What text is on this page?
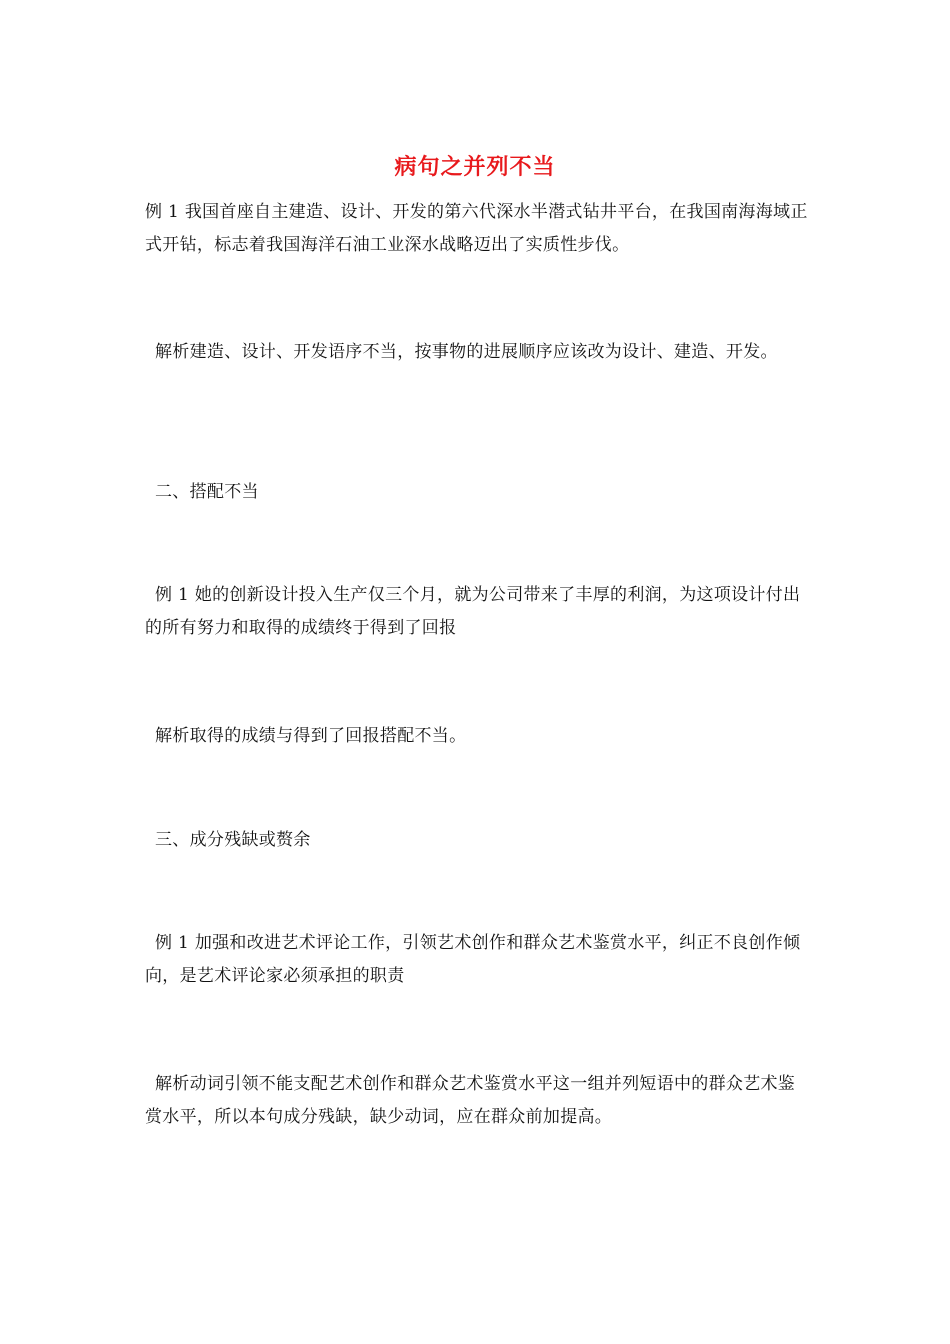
病句之并列不当

例 1 我国首座自主建造、设计、开发的第六代深水半潜式钻井平台，在我国南海海域正式开钻，标志着我国海洋石油工业深水战略迈出了实质性步伐。

解析建造、设计、开发语序不当，按事物的进展顺序应该改为设计、建造、开发。

二、搭配不当

例 1 她的创新设计投入生产仅三个月，就为公司带来了丰厚的利润，为这项设计付出的所有努力和取得的成绩终于得到了回报

解析取得的成绩与得到了回报搭配不当。

三、成分残缺或赘余

例 1 加强和改进艺术评论工作，引领艺术创作和群众艺术鉴赏水平，纠正不良创作倾向，是艺术评论家必须承担的职责

解析动词引领不能支配艺术创作和群众艺术鉴赏水平这一组并列短语中的群众艺术鉴赏水平，所以本句成分残缺，缺少动词，应在群众前加提高。
